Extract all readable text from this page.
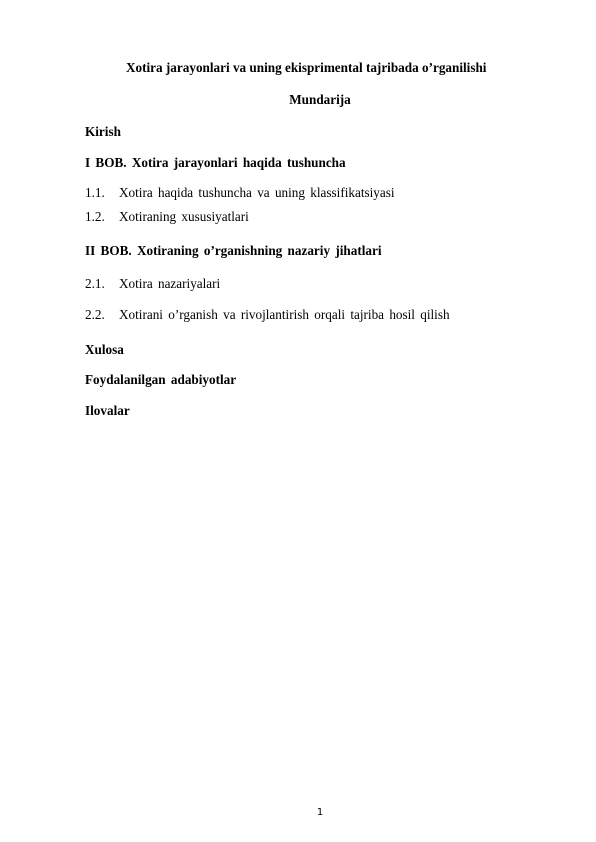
Xotira jarayonlari va uning ekisprimental tajribada o’rganilishi
Mundarija
Kirish
I BOB. Xotira jarayonlari haqida tushuncha
1.1. Xotira haqida tushuncha va uning klassifikatsiyasi
1.2. Xotiraning xususiyatlari
II BOB. Xotiraning o’rganishning nazariy jihatlari
2.1. Xotira nazariyalari
2.2. Xotirani o’rganish va rivojlantirish orqali tajriba hosil qilish
Xulosa
Foydalanilgan adabiyotlar
Ilovalar
1
